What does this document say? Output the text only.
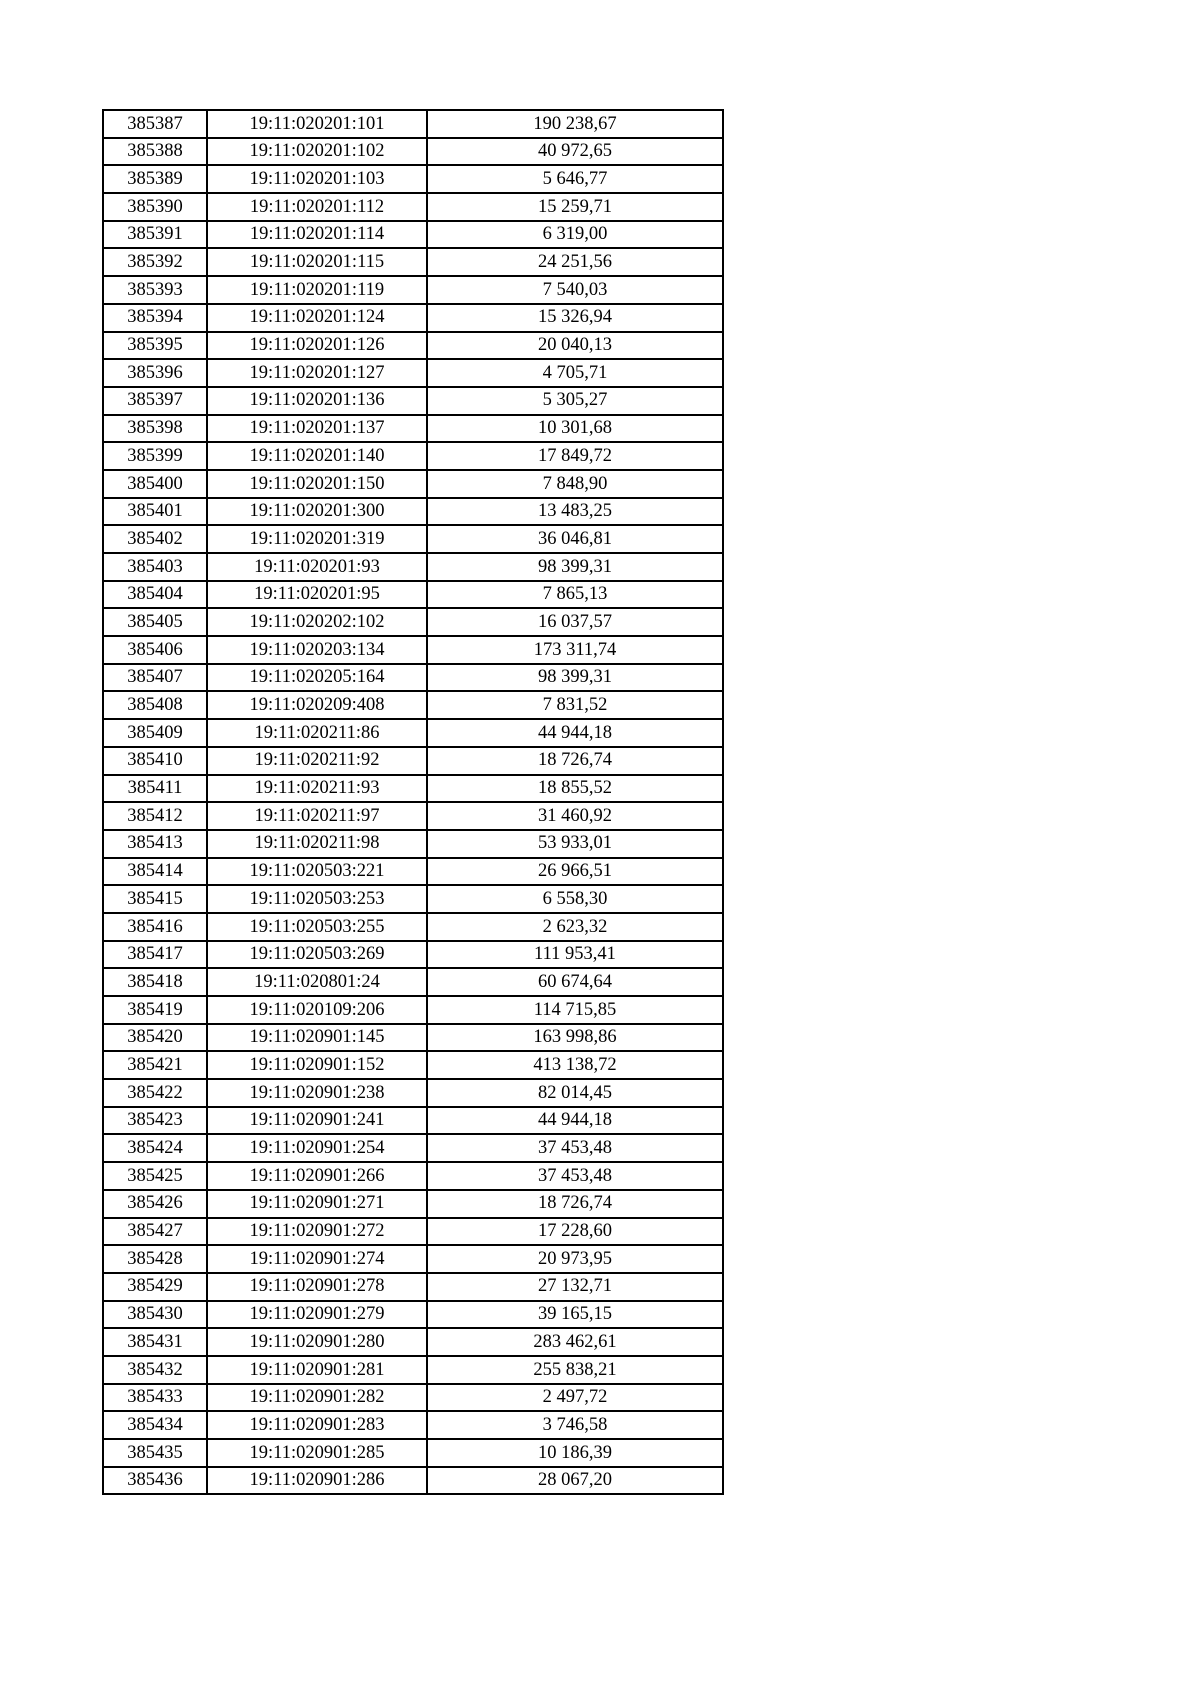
385387	19:11:020201:101	190 238,67
385388	19:11:020201:102	40 972,65
385389	19:11:020201:103	5 646,77
385390	19:11:020201:112	15 259,71
385391	19:11:020201:114	6 319,00
385392	19:11:020201:115	24 251,56
385393	19:11:020201:119	7 540,03
385394	19:11:020201:124	15 326,94
385395	19:11:020201:126	20 040,13
385396	19:11:020201:127	4 705,71
385397	19:11:020201:136	5 305,27
385398	19:11:020201:137	10 301,68
385399	19:11:020201:140	17 849,72
385400	19:11:020201:150	7 848,90
385401	19:11:020201:300	13 483,25
385402	19:11:020201:319	36 046,81
385403	19:11:020201:93	98 399,31
385404	19:11:020201:95	7 865,13
385405	19:11:020202:102	16 037,57
385406	19:11:020203:134	173 311,74
385407	19:11:020205:164	98 399,31
385408	19:11:020209:408	7 831,52
385409	19:11:020211:86	44 944,18
385410	19:11:020211:92	18 726,74
385411	19:11:020211:93	18 855,52
385412	19:11:020211:97	31 460,92
385413	19:11:020211:98	53 933,01
385414	19:11:020503:221	26 966,51
385415	19:11:020503:253	6 558,30
385416	19:11:020503:255	2 623,32
385417	19:11:020503:269	111 953,41
385418	19:11:020801:24	60 674,64
385419	19:11:020109:206	114 715,85
385420	19:11:020901:145	163 998,86
385421	19:11:020901:152	413 138,72
385422	19:11:020901:238	82 014,45
385423	19:11:020901:241	44 944,18
385424	19:11:020901:254	37 453,48
385425	19:11:020901:266	37 453,48
385426	19:11:020901:271	18 726,74
385427	19:11:020901:272	17 228,60
385428	19:11:020901:274	20 973,95
385429	19:11:020901:278	27 132,71
385430	19:11:020901:279	39 165,15
385431	19:11:020901:280	283 462,61
385432	19:11:020901:281	255 838,21
385433	19:11:020901:282	2 497,72
385434	19:11:020901:283	3 746,58
385435	19:11:020901:285	10 186,39
385436	19:11:020901:286	28 067,20
